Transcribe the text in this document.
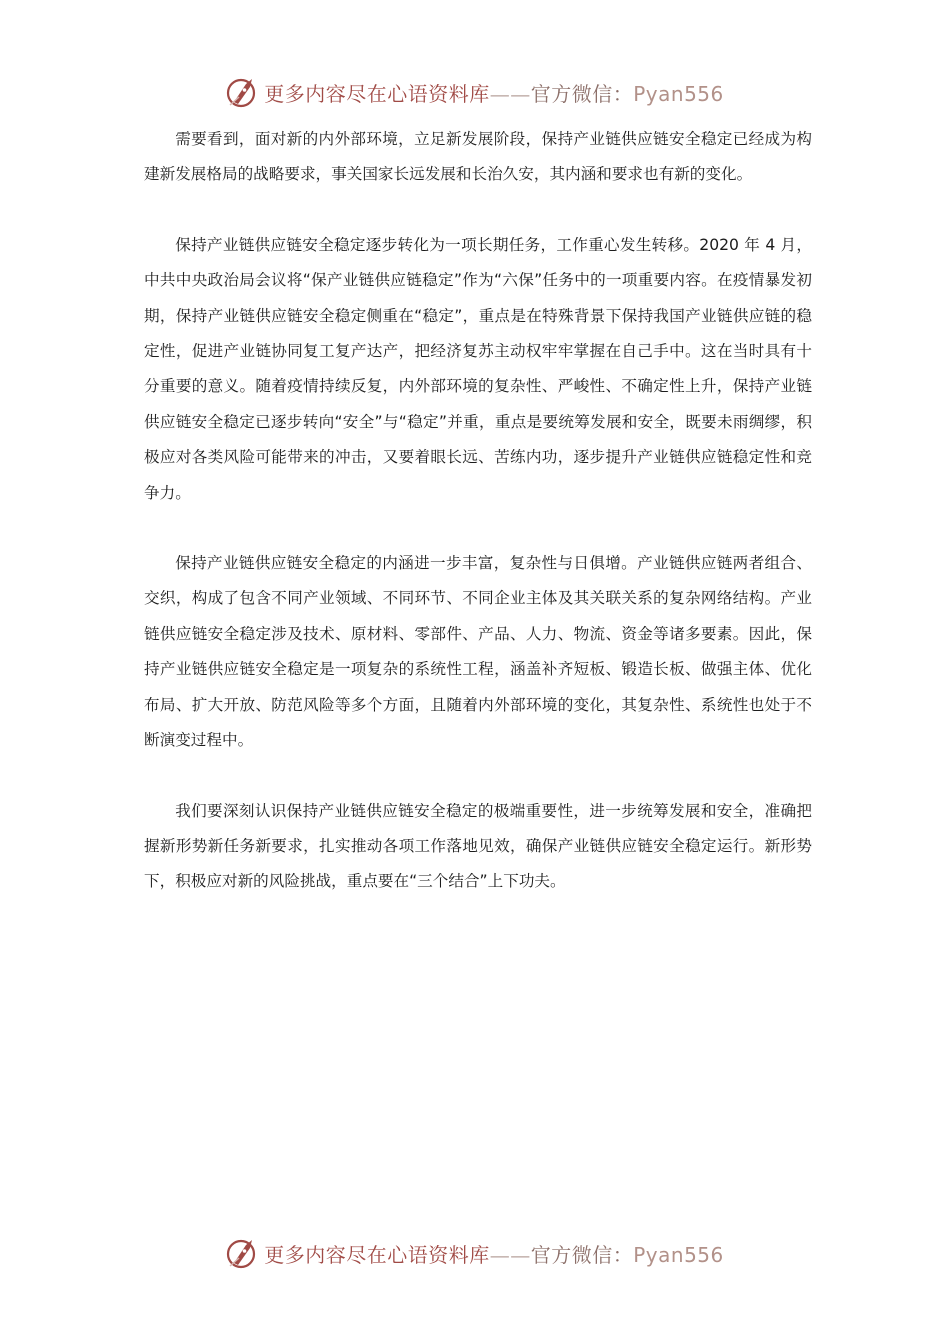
更多内容尽在心语资料库——官方微信：Pyan556

需要看到，面对新的内外部环境，立足新发展阶段，保持产业链供应链安全稳定已经成为构建新发展格局的战略要求，事关国家长远发展和长治久安，其内涵和要求也有新的变化。

保持产业链供应链安全稳定逐步转化为一项长期任务，工作重心发生转移。2020 年 4 月，中共中央政治局会议将“保产业链供应链稳定”作为“六保”任务中的一项重要内容。在疫情暴发初期，保持产业链供应链安全稳定侧重在“稳定”，重点是在特殊背景下保持我国产业链供应链的稳定性，促进产业链协同复工复产达产，把经济复苏主动权牢牢掌握在自己手中。这在当时具有十分重要的意义。随着疫情持续反复，内外部环境的复杂性、严峻性、不确定性上升，保持产业链供应链安全稳定已逐步转向“安全”与“稳定”并重，重点是要统筹发展和安全，既要未雨绸缪，积极应对各类风险可能带来的冲击，又要着眼长远、苦练内功，逐步提升产业链供应链稳定性和竞争力。

保持产业链供应链安全稳定的内涵进一步丰富，复杂性与日俱增。产业链供应链两者组合、交织，构成了包含不同产业领域、不同环节、不同企业主体及其关联关系的复杂网络结构。产业链供应链安全稳定涉及技术、原材料、零部件、产品、人力、物流、资金等诸多要素。因此，保持产业链供应链安全稳定是一项复杂的系统性工程，涵盖补齐短板、锻造长板、做强主体、优化布局、扩大开放、防范风险等多个方面，且随着内外部环境的变化，其复杂性、系统性也处于不断演变过程中。

我们要深刻认识保持产业链供应链安全稳定的极端重要性，进一步统筹发展和安全，准确把握新形势新任务新要求，扎实推动各项工作落地见效，确保产业链供应链安全稳定运行。新形势下，积极应对新的风险挑战，重点要在“三个结合”上下功夫。

更多内容尽在心语资料库——官方微信：Pyan556
